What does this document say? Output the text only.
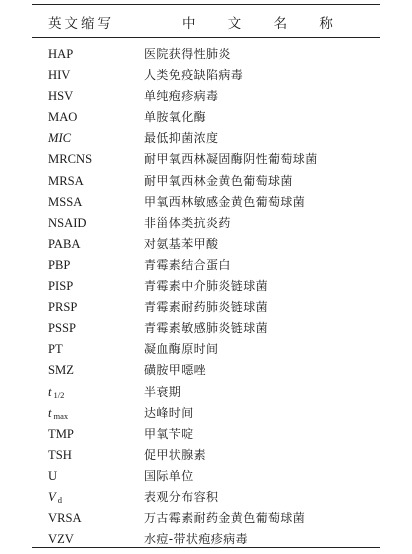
英文缩写	中 文 名 称
HAP	医院获得性肺炎
HIV	人类免疫缺陷病毒
HSV	单纯疱疹病毒
MAO	单胺氧化酶
MIC	最低抑菌浓度
MRCNS	耐甲氧西林凝固酶阴性葡萄球菌
MRSA	耐甲氧西林金黄色葡萄球菌
MSSA	甲氧西林敏感金黄色葡萄球菌
NSAID	非甾体类抗炎药
PABA	对氨基苯甲酸
PBP	青霉素结合蛋白
PISP	青霉素中介肺炎链球菌
PRSP	青霉素耐药肺炎链球菌
PSSP	青霉素敏感肺炎链球菌
PT	凝血酶原时间
SMZ	磺胺甲噁唑
t $_{1/2}$	半衰期
t $_{max}$	达峰时间
TMP	甲氧苄啶
TSH	促甲状腺素
U	国际单位
V $_d$	表观分布容积
VRSA	万古霉素耐药金黄色葡萄球菌
VZV	水痘-带状疱疹病毒
